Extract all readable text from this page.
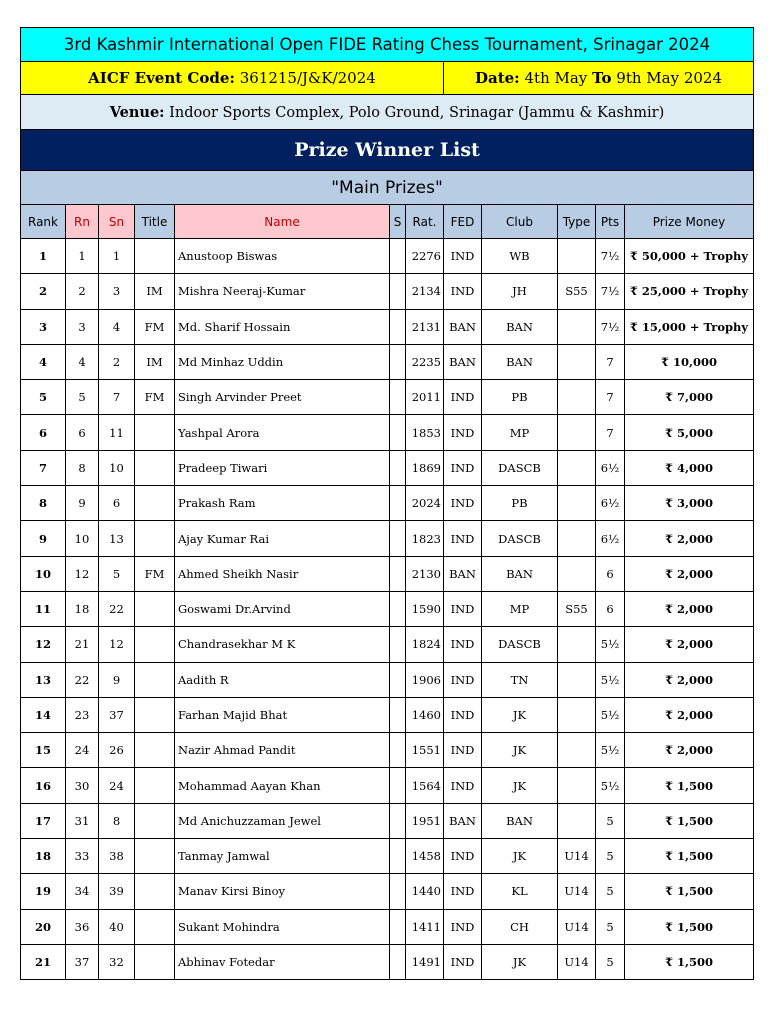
3rd Kashmir International Open FIDE Rating Chess Tournament, Srinagar 2024											
AICF Event Code: 361215/J&K/2024							Date: 4th May To 9th May 2024				
Venue: Indoor Sports Complex, Polo Ground, Srinagar (Jammu & Kashmir)											
Prize Winner List											
"Main Prizes"											
Rank	Rn	Sn	Title	Name	S	Rat.	FED	Club	Type	Pts	Prize Money
1	1	1		Anustoop Biswas		2276	IND	WB		7½	₹ 50,000 + Trophy
2	2	3	IM	Mishra Neeraj-Kumar		2134	IND	JH	S55	7½	₹ 25,000 + Trophy
3	3	4	FM	Md. Sharif Hossain		2131	BAN	BAN		7½	₹ 15,000 + Trophy
4	4	2	IM	Md Minhaz Uddin		2235	BAN	BAN		7	₹ 10,000
5	5	7	FM	Singh Arvinder Preet		2011	IND	PB		7	₹ 7,000
6	6	11		Yashpal Arora		1853	IND	MP		7	₹ 5,000
7	8	10		Pradeep Tiwari		1869	IND	DASCB		6½	₹ 4,000
8	9	6		Prakash Ram		2024	IND	PB		6½	₹ 3,000
9	10	13		Ajay Kumar Rai		1823	IND	DASCB		6½	₹ 2,000
10	12	5	FM	Ahmed Sheikh Nasir		2130	BAN	BAN		6	₹ 2,000
11	18	22		Goswami Dr.Arvind		1590	IND	MP	S55	6	₹ 2,000
12	21	12		Chandrasekhar M K		1824	IND	DASCB		5½	₹ 2,000
13	22	9		Aadith R		1906	IND	TN		5½	₹ 2,000
14	23	37		Farhan Majid Bhat		1460	IND	JK		5½	₹ 2,000
15	24	26		Nazir Ahmad Pandit		1551	IND	JK		5½	₹ 2,000
16	30	24		Mohammad Aayan Khan		1564	IND	JK		5½	₹ 1,500
17	31	8		Md Anichuzzaman Jewel		1951	BAN	BAN		5	₹ 1,500
18	33	38		Tanmay Jamwal		1458	IND	JK	U14	5	₹ 1,500
19	34	39		Manav Kirsi Binoy		1440	IND	KL	U14	5	₹ 1,500
20	36	40		Sukant Mohindra		1411	IND	CH	U14	5	₹ 1,500
21	37	32		Abhinav Fotedar		1491	IND	JK	U14	5	₹ 1,500
